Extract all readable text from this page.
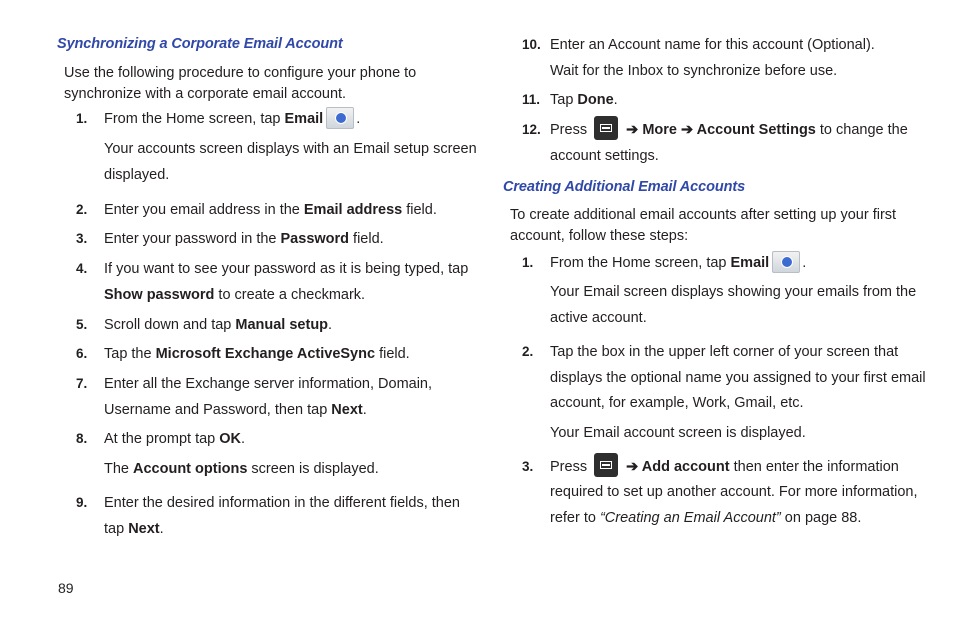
Synchronizing a Corporate Email Account
Use the following procedure to configure your phone to
synchronize with a corporate email account.
1. From the Home screen, tap Email .
Your accounts screen displays with an Email setup screen
displayed.
2. Enter you email address in the Email address field.
3. Enter your password in the Password field.
4. If you want to see your password as it is being typed, tap
Show password to create a checkmark.
5. Scroll down and tap Manual setup.
6. Tap the Microsoft Exchange ActiveSync field.
7. Enter all the Exchange server information, Domain,
Username and Password, then tap Next.
8. At the prompt tap OK.
The Account options screen is displayed.
9. Enter the desired information in the different fields, then
tap Next.
10. Enter an Account name for this account (Optional).
Wait for the Inbox to synchronize before use.
11. Tap Done.
12. Press  ➔ More ➔ Account Settings to change the
account settings.
Creating Additional Email Accounts
To create additional email accounts after setting up your first
account, follow these steps:
1. From the Home screen, tap Email .
Your Email screen displays showing your emails from the
active account.
2. Tap the box in the upper left corner of your screen that
displays the optional name you assigned to your first email
account, for example, Work, Gmail, etc.
Your Email account screen is displayed.
3. Press  ➔ Add account then enter the information
required to set up another account. For more information,
refer to “Creating an Email Account” on page 88.
89
